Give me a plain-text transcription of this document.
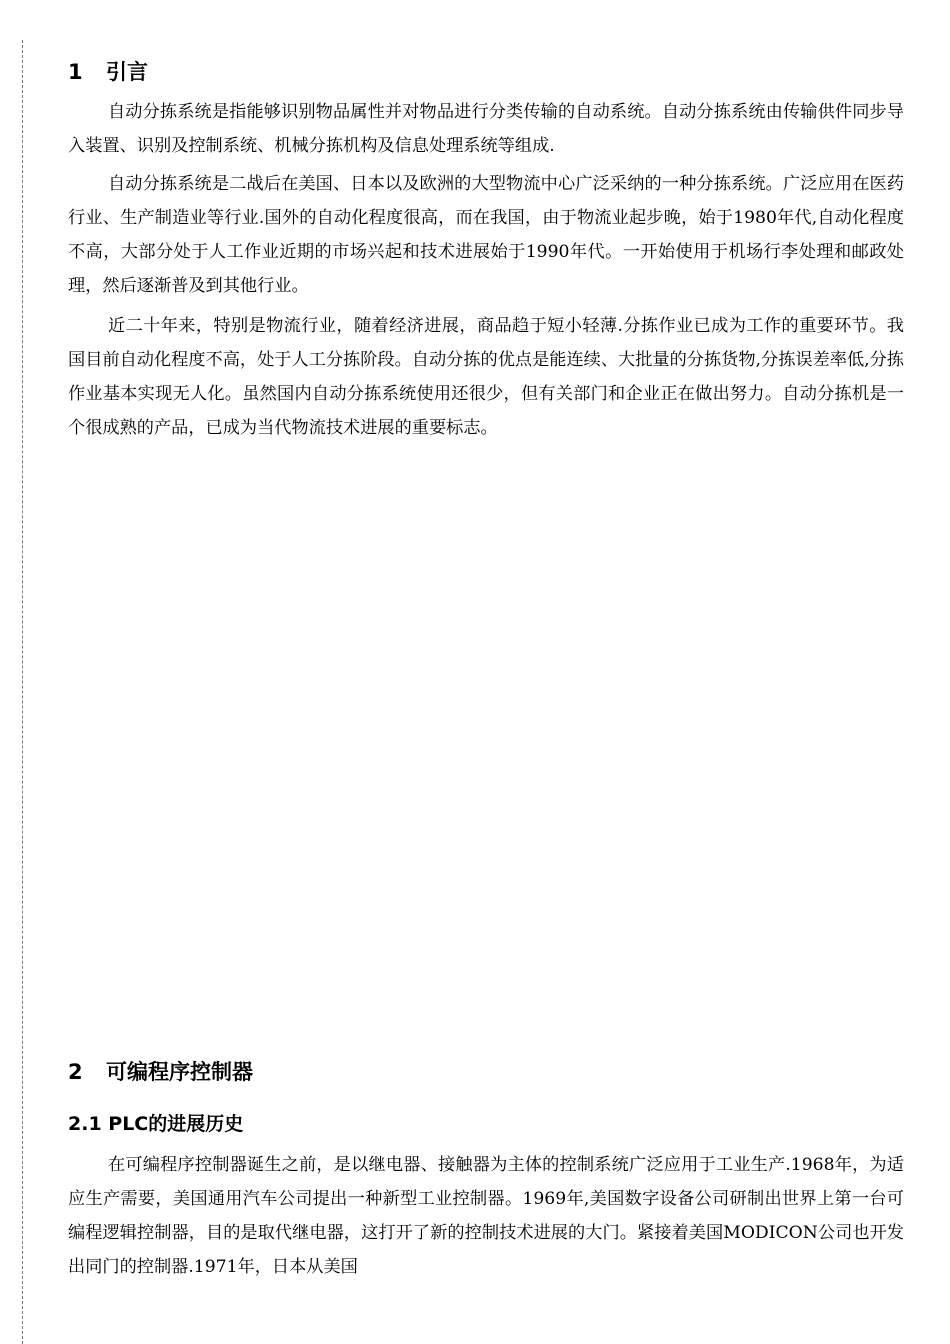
1 引言

自动分拣系统是指能够识别物品属性并对物品进行分类传输的自动系统。自动分拣系统由传输供件同步导入装置、识别及控制系统、机械分拣机构及信息处理系统等组成.

自动分拣系统是二战后在美国、日本以及欧洲的大型物流中心广泛采纳的一种分拣系统。广泛应用在医药行业、生产制造业等行业.国外的自动化程度很高，而在我国，由于物流业起步晚，始于1980年代,自动化程度不高，大部分处于人工作业近期的市场兴起和技术进展始于1990年代。一开始使用于机场行李处理和邮政处理，然后逐渐普及到其他行业。

近二十年来，特别是物流行业，随着经济进展，商品趋于短小轻薄.分拣作业已成为工作的重要环节。我国目前自动化程度不高，处于人工分拣阶段。自动分拣的优点是能连续、大批量的分拣货物,分拣误差率低,分拣作业基本实现无人化。虽然国内自动分拣系统使用还很少，但有关部门和企业正在做出努力。自动分拣机是一个很成熟的产品，已成为当代物流技术进展的重要标志。

2 可编程序控制器
2.1 PLC的进展历史

在可编程序控制器诞生之前，是以继电器、接触器为主体的控制系统广泛应用于工业生产.1968年，为适应生产需要，美国通用汽车公司提出一种新型工业控制器。1969年,美国数字设备公司研制出世界上第一台可编程逻辑控制器，目的是取代继电器，这打开了新的控制技术进展的大门。紧接着美国MODICON公司也开发出同门的控制器.1971年，日本从美国
